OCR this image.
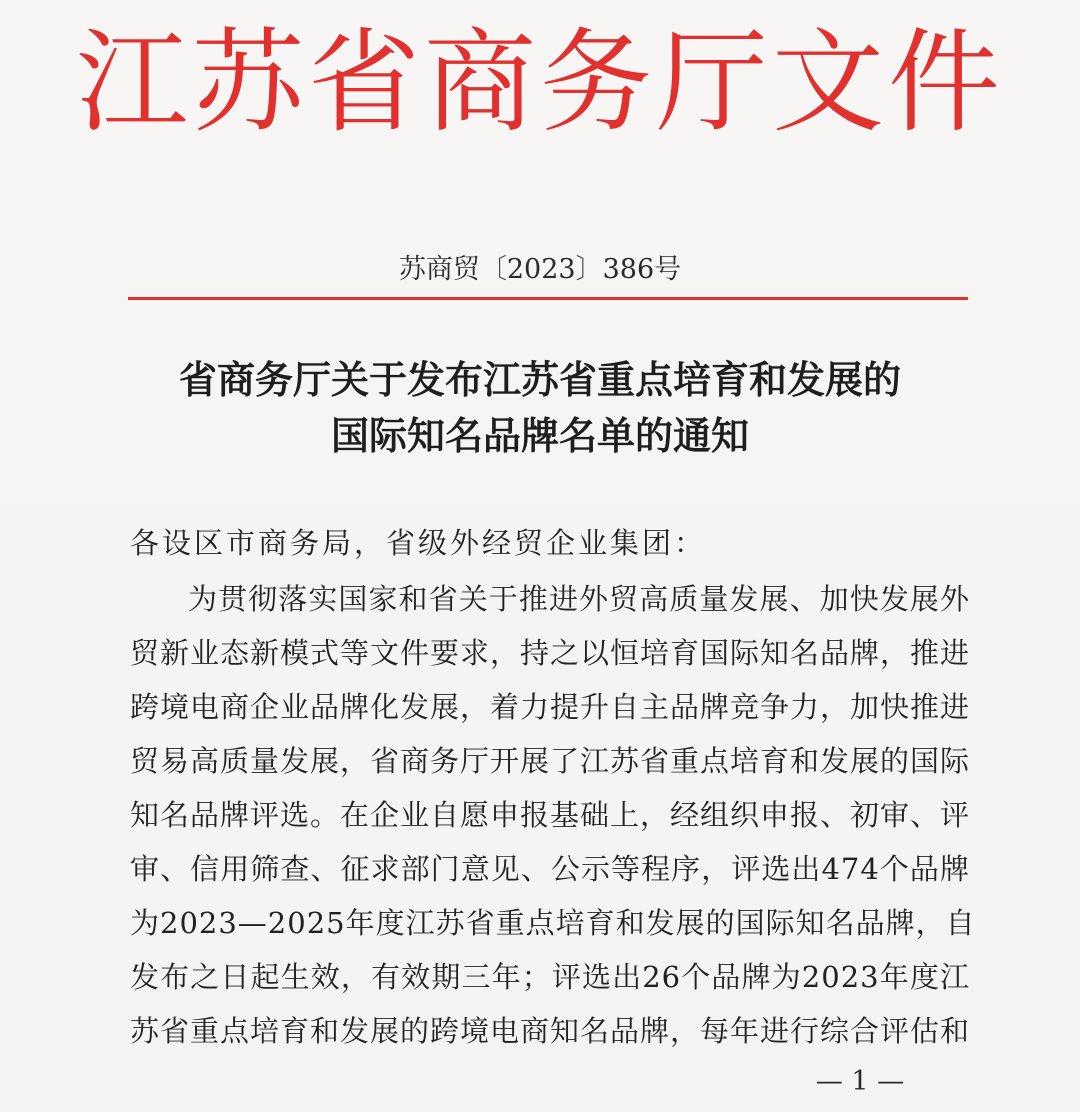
江苏省商务厅文件
苏商贸〔2023〕386号
省商务厅关于发布江苏省重点培育和发展的
国际知名品牌名单的通知
各设区市商务局，省级外经贸企业集团：
为贯彻落实国家和省关于推进外贸高质量发展、加快发展外
贸新业态新模式等文件要求，持之以恒培育国际知名品牌，推进
跨境电商企业品牌化发展，着力提升自主品牌竞争力，加快推进
贸易高质量发展，省商务厅开展了江苏省重点培育和发展的国际
知名品牌评选。在企业自愿申报基础上，经组织申报、初审、评
审、信用筛查、征求部门意见、公示等程序，评选出474个品牌
为2023—2025年度江苏省重点培育和发展的国际知名品牌，自
发布之日起生效，有效期三年；评选出26个品牌为2023年度江
苏省重点培育和发展的跨境电商知名品牌，每年进行综合评估和
— 1 —
